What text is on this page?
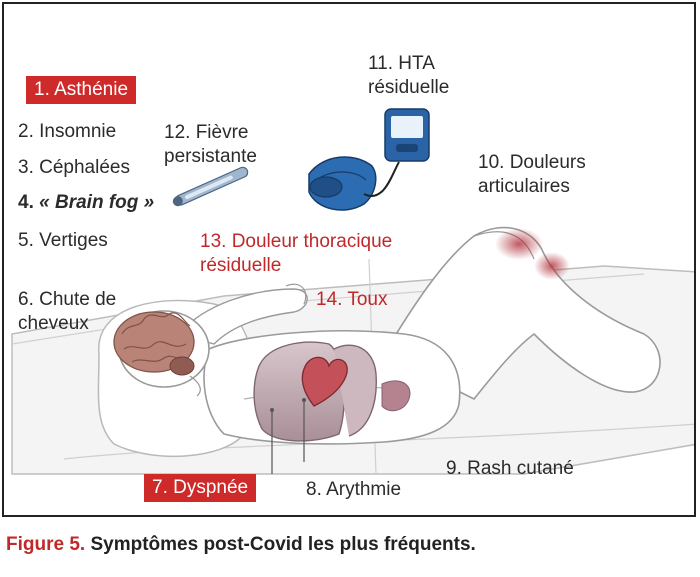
1. Asthénie
2. Insomnie
3. Céphalées
4. « Brain fog »
5. Vertiges
6. Chute de
cheveux
12. Fièvre
persistante
11. HTA
résiduelle
10. Douleurs
articulaires
13. Douleur thoracique
résiduelle
14. Toux
7. Dyspnée	8. Arythmie
9. Rash cutané
Figure 5. Symptômes post-Covid les plus fréquents.
